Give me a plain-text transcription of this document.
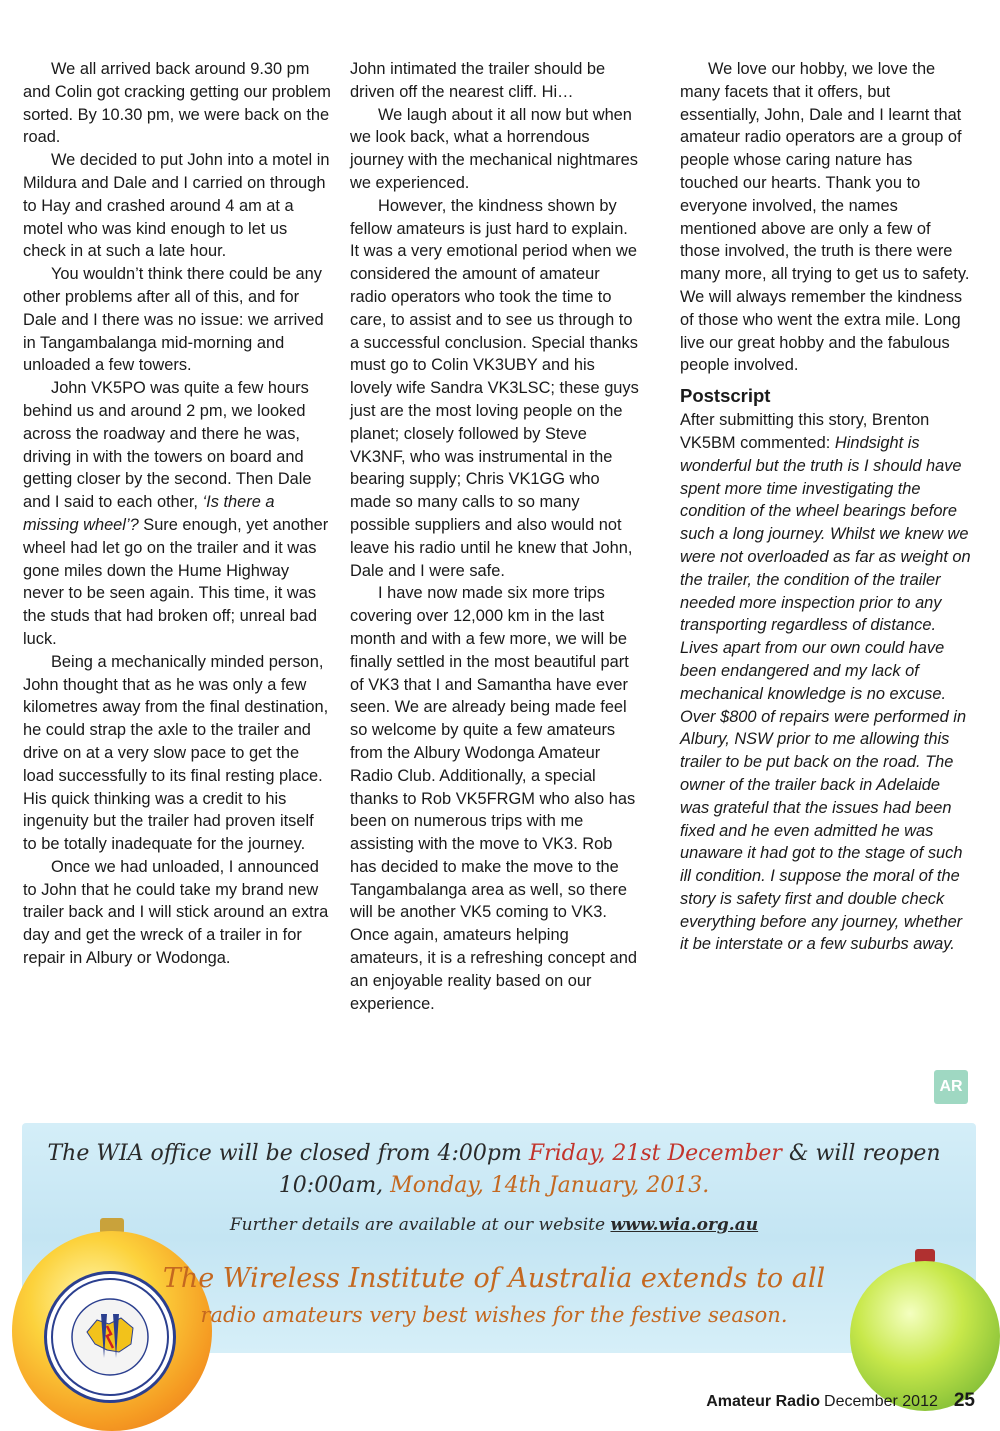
We all arrived back around 9.30 pm and Colin got cracking getting our problem sorted. By 10.30 pm, we were back on the road.

We decided to put John into a motel in Mildura and Dale and I carried on through to Hay and crashed around 4 am at a motel who was kind enough to let us check in at such a late hour.

You wouldn’t think there could be any other problems after all of this, and for Dale and I there was no issue: we arrived in Tangambalanga mid-morning and unloaded a few towers.

John VK5PO was quite a few hours behind us and around 2 pm, we looked across the roadway and there he was, driving in with the towers on board and getting closer by the second. Then Dale and I said to each other, ‘Is there a missing wheel’? Sure enough, yet another wheel had let go on the trailer and it was gone miles down the Hume Highway never to be seen again. This time, it was the studs that had broken off; unreal bad luck.

Being a mechanically minded person, John thought that as he was only a few kilometres away from the final destination, he could strap the axle to the trailer and drive on at a very slow pace to get the load successfully to its final resting place. His quick thinking was a credit to his ingenuity but the trailer had proven itself to be totally inadequate for the journey.

Once we had unloaded, I announced to John that he could take my brand new trailer back and I will stick around an extra day and get the wreck of a trailer in for repair in Albury or Wodonga.

John intimated the trailer should be driven off the nearest cliff. Hi…

We laugh about it all now but when we look back, what a horrendous journey with the mechanical nightmares we experienced.

However, the kindness shown by fellow amateurs is just hard to explain. It was a very emotional period when we considered the amount of amateur radio operators who took the time to care, to assist and to see us through to a successful conclusion. Special thanks must go to Colin VK3UBY and his lovely wife Sandra VK3LSC; these guys just are the most loving people on the planet; closely followed by Steve VK3NF, who was instrumental in the bearing supply; Chris VK1GG who made so many calls to so many possible suppliers and also would not leave his radio until he knew that John, Dale and I were safe.

I have now made six more trips covering over 12,000 km in the last month and with a few more, we will be finally settled in the most beautiful part of VK3 that I and Samantha have ever seen. We are already being made feel so welcome by quite a few amateurs from the Albury Wodonga Amateur Radio Club. Additionally, a special thanks to Rob VK5FRGM who also has been on numerous trips with me assisting with the move to VK3. Rob has decided to make the move to the Tangambalanga area as well, so there will be another VK5 coming to VK3. Once again, amateurs helping amateurs, it is a refreshing concept and an enjoyable reality based on our experience.

We love our hobby, we love the many facets that it offers, but essentially, John, Dale and I learnt that amateur radio operators are a group of people whose caring nature has touched our hearts. Thank you to everyone involved, the names mentioned above are only a few of those involved, the truth is there were many more, all trying to get us to safety. We will always remember the kindness of those who went the extra mile. Long live our great hobby and the fabulous people involved.

Postscript

After submitting this story, Brenton VK5BM commented: Hindsight is wonderful but the truth is I should have spent more time investigating the condition of the wheel bearings before such a long journey. Whilst we knew we were not overloaded as far as weight on the trailer, the condition of the trailer needed more inspection prior to any transporting regardless of distance. Lives apart from our own could have been endangered and my lack of mechanical knowledge is no excuse. Over $800 of repairs were performed in Albury, NSW prior to me allowing this trailer to be put back on the road. The owner of the trailer back in Adelaide was grateful that the issues had been fixed and he even admitted he was unaware it had got to the stage of such ill condition. I suppose the moral of the story is safety first and double check everything before any journey, whether it be interstate or a few suburbs away.

AR
The WIA office will be closed from 4:00pm Friday, 21st December & will reopen
10:00am, Monday, 14th January, 2013.
Further details are available at our website www.wia.org.au
The Wireless Institute of Australia extends to all
radio amateurs very best wishes for the festive season.
Amateur Radio December 2012 25
